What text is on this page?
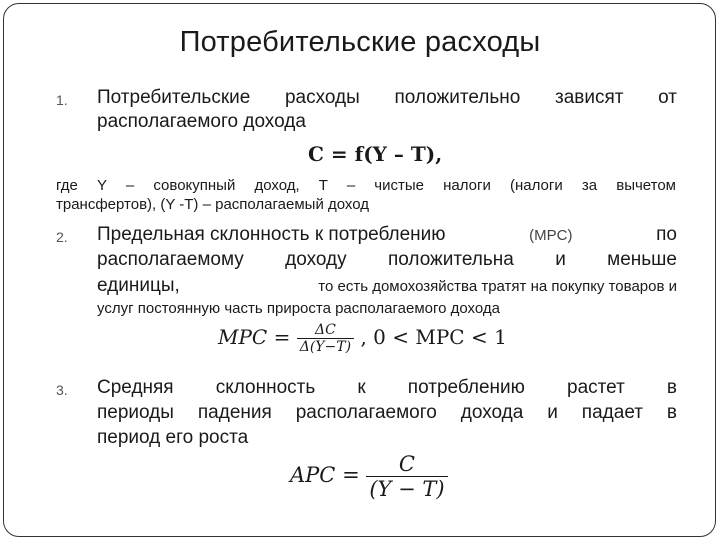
Потребительские расходы
1. Потребительские расходы положительно зависят от
располагаемого дохода
C = f(Y – T),
где Y – совокупный доход, T – чистые налоги (налоги за вычетом
трансфертов), (Y -T) – располагаемый доход
2. Предельная склонность к потреблению	(MPC)	по
располагаемому доходу положительна и меньше
единицы,	то есть домохозяйства тратят на покупку товаров и
услуг постоянную часть прироста располагаемого дохода
MPC = $\frac{\Delta C}{\Delta(Y-T)}$ , 0 < MPC < 1
3. Средняя склонность к потреблению растет в
периоды падения располагаемого дохода и падает в
период его роста
APC = $\frac{C}{(Y - T)}$
